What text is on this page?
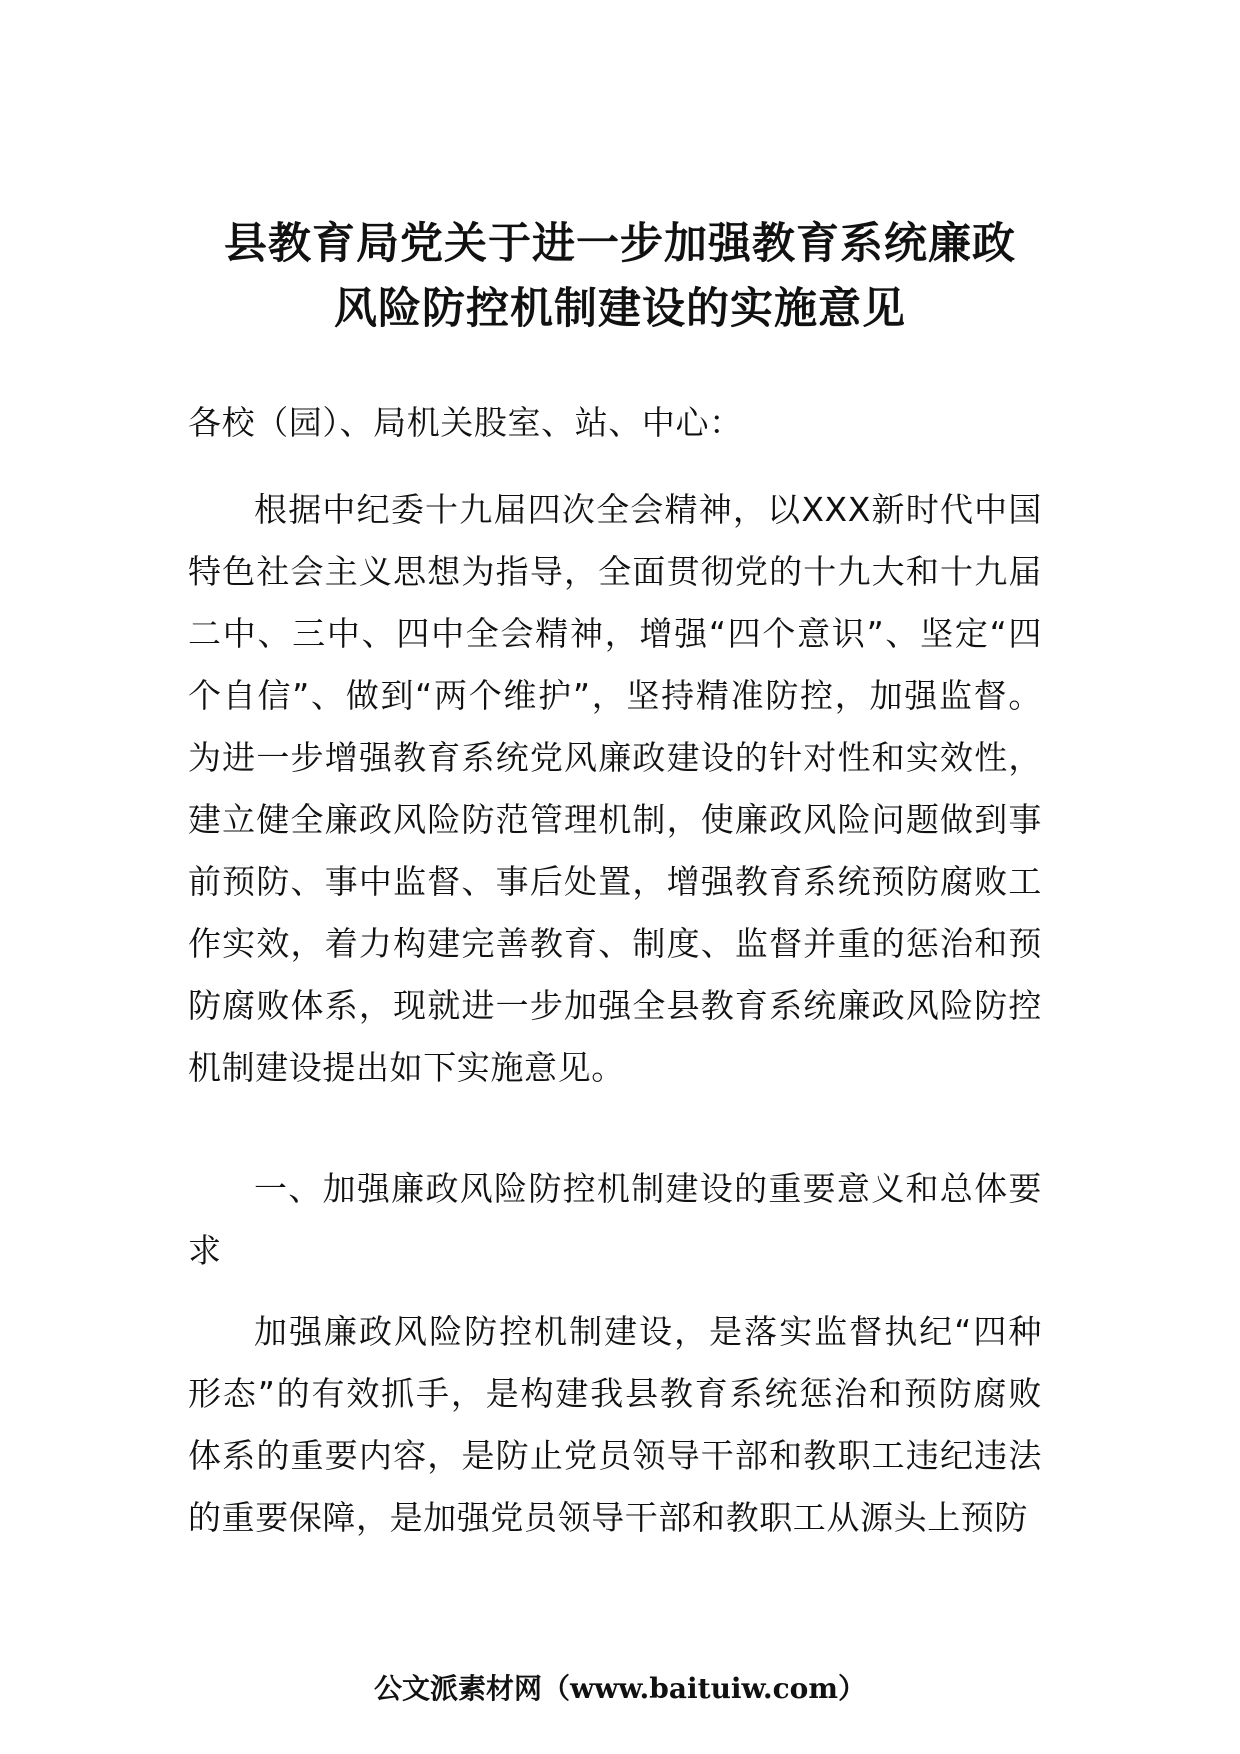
县教育局党关于进一步加强教育系统廉政
风险防控机制建设的实施意见

各校（园）、局机关股室、站、中心：

根据中纪委十九届四次全会精神，以XXX新时代中国特色社会主义思想为指导，全面贯彻党的十九大和十九届二中、三中、四中全会精神，增强“四个意识”、坚定“四个自信”、做到“两个维护”，坚持精准防控，加强监督。为进一步增强教育系统党风廉政建设的针对性和实效性，建立健全廉政风险防范管理机制，使廉政风险问题做到事前预防、事中监督、事后处置，增强教育系统预防腐败工作实效，着力构建完善教育、制度、监督并重的惩治和预防腐败体系，现就进一步加强全县教育系统廉政风险防控机制建设提出如下实施意见。

一、加强廉政风险防控机制建设的重要意义和总体要求

加强廉政风险防控机制建设，是落实监督执纪“四种形态”的有效抓手，是构建我县教育系统惩治和预防腐败体系的重要内容，是防止党员领导干部和教职工违纪违法的重要保障，是加强党员领导干部和教职工从源头上预防

公文派素材网（www.baituiw.com）
